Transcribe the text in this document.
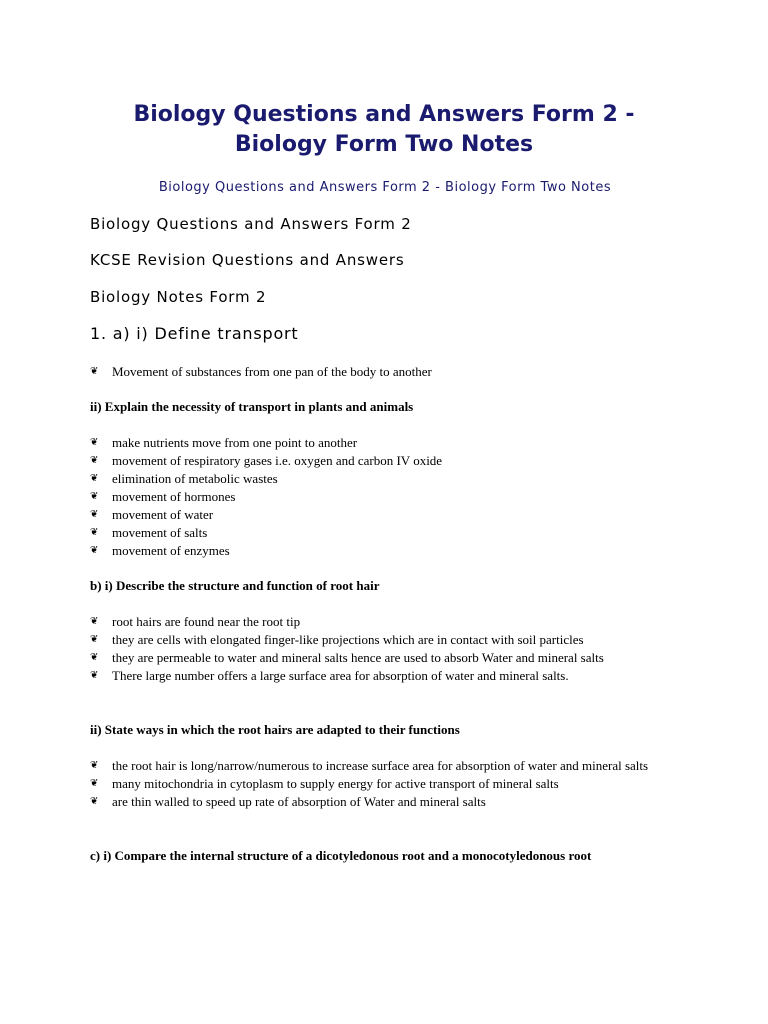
Biology Questions and Answers Form 2 -
Biology Form Two Notes

Biology Questions and Answers Form 2 - Biology Form Two Notes

Biology Questions and Answers Form 2

KCSE Revision Questions and Answers

Biology Notes Form 2

1. a) i) Define transport

❦ Movement of substances from one pan of the body to another

ii) Explain the necessity of transport in plants and animals

❦ make nutrients move from one point to another
❦ movement of respiratory gases i.e. oxygen and carbon IV oxide
❦ elimination of metabolic wastes
❦ movement of hormones
❦ movement of water
❦ movement of salts
❦ movement of enzymes

b) i) Describe the structure and function of root hair

❦ root hairs are found near the root tip
❦ they are cells with elongated finger-like projections which are in contact with soil particles
❦ they are permeable to water and mineral salts hence are used to absorb Water and mineral salts
❦ There large number offers a large surface area for absorption of water and mineral salts.

ii) State ways in which the root hairs are adapted to their functions

❦ the root hair is long/narrow/numerous to increase surface area for absorption of water and mineral salts
❦ many mitochondria in cytoplasm to supply energy for active transport of mineral salts
❦ are thin walled to speed up rate of absorption of Water and mineral salts

c) i) Compare the internal structure of a dicotyledonous root and a monocotyledonous root
